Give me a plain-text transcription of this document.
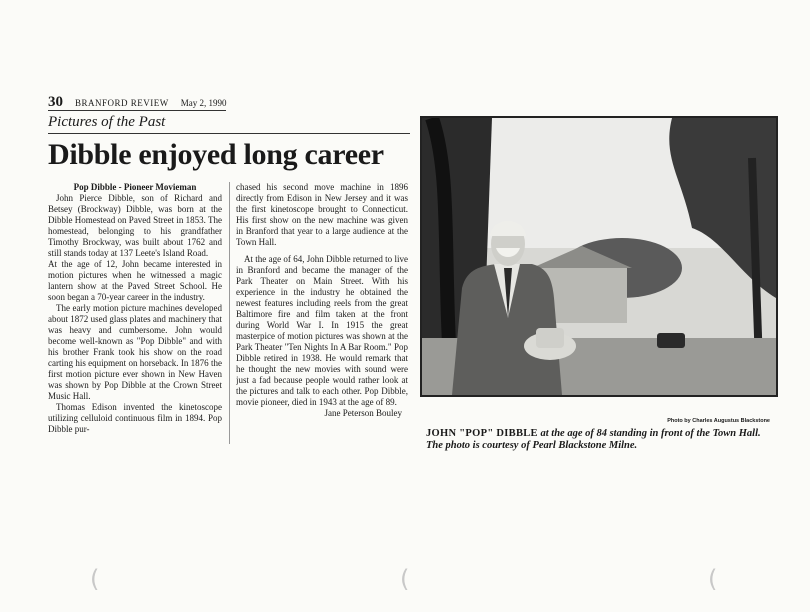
30 BRANFORD REVIEW May 2, 1990
Pictures of the Past
Dibble enjoyed long career

Pop Dibble - Pioneer Movieman

John Pierce Dibble, son of Richard and Betsey (Brockway) Dibble, was born at the Dibble Homestead on Paved Street in 1853. The homestead, belonging to his grandfather Timothy Brockway, was built about 1762 and still stands today at 137 Leete's Island Road.

At the age of 12, John became interested in motion pictures when he witnessed a magic lantern show at the Paved Street School. He soon began a 70-year career in the industry.

The early motion picture machines developed about 1872 used glass plates and machinery that was heavy and cumbersome. John would become well-known as "Pop Dibble" and with his brother Frank took his show on the road carting his equipment on horseback. In 1876 the first motion picture ever shown in New Haven was shown by Pop Dibble at the Crown Street Music Hall.

Thomas Edison invented the kinetoscope utilizing celluloid continuous film in 1894. Pop Dibble pur-

chased his second move machine in 1896 directly from Edison in New Jersey and it was the first kinetoscope brought to Connecticut. His first show on the new machine was given in Branford that year to a large audience at the Town Hall.

At the age of 64, John Dibble returned to live in Branford and became the manager of the Park Theater on Main Street. With his experience in the industry he obtained the newest features including reels from the great Baltimore fire and film taken at the front during World War I. In 1915 the great masterpice of motion pictures was shown at the Park Theater "Ten Nights In A Bar Room." Pop Dibble retired in 1938. He would remark that he thought the new movies with sound were just a fad because people would rather look at the pictures and talk to each other. Pop Dibble, movie pioneer, died in 1943 at the age of 89.

Jane Peterson Bouley

Photo by Charles Augustus Blackstone
JOHN "POP" DIBBLE at the age of 84 standing in front of the Town Hall. The photo is courtesy of Pearl Blackstone Milne.
(	(	(
